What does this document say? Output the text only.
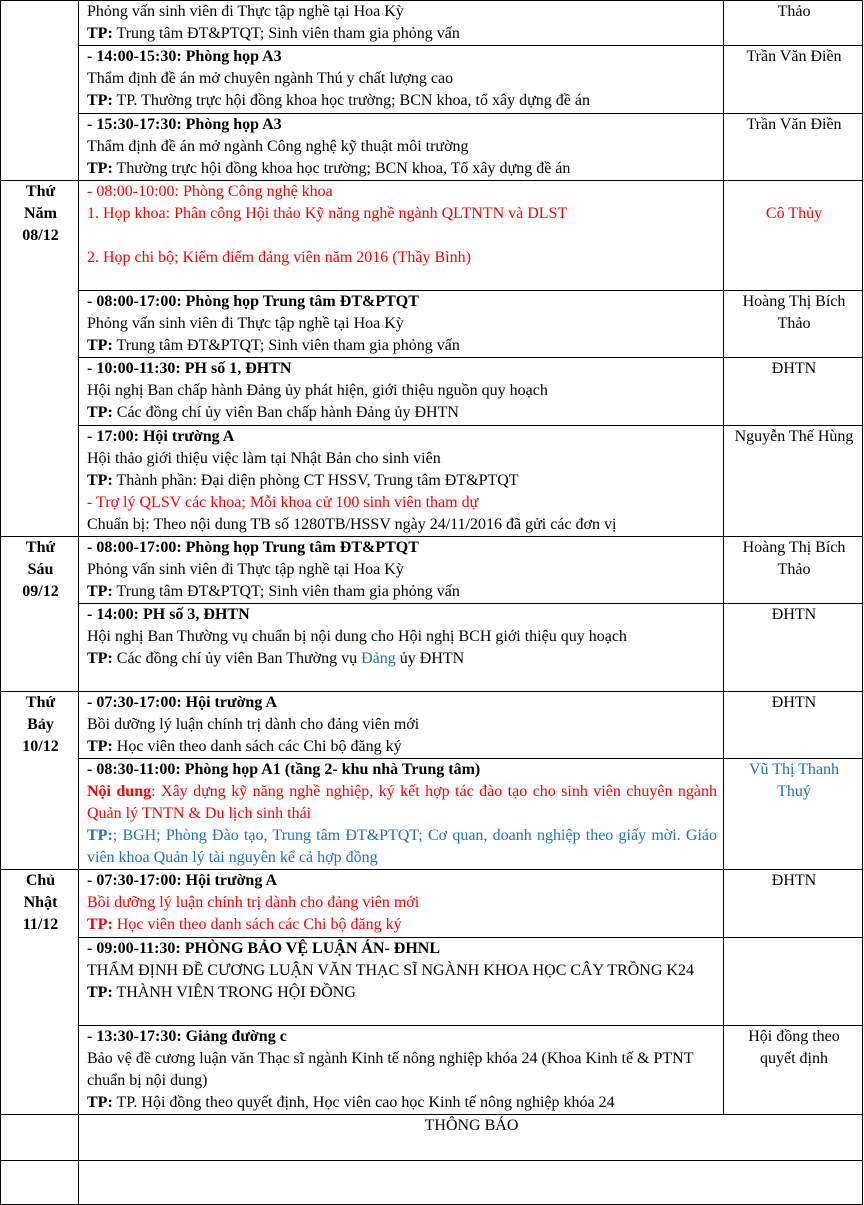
	Phỏng vấn sinh viên đi Thực tập nghề tại Hoa Kỳ
TP: Trung tâm ĐT&PTQT; Sinh viên tham gia phỏng vấn	Thảo

	- 14:00-15:30: Phòng họp A3
Thẩm định đề án mở chuyên ngành Thú y chất lượng cao
TP: TP. Thường trực hội đồng khoa học trường; BCN khoa, tổ xây dựng đề án	Trần Văn Điền

	- 15:30-17:30: Phòng họp A3
Thẩm định đề án mở ngành Công nghệ kỹ thuật môi trường
TP: Thường trực hội đồng khoa học trường; BCN khoa, Tổ xây dựng đề án	Trần Văn Điền

Thứ
Năm
08/12	- 08:00-10:00: Phòng Công nghệ khoa
1. Họp khoa: Phân công Hội thảo Kỹ năng nghề ngành QLTNTN và DLST
2. Họp chi bộ; Kiểm điểm đảng viên năm 2016 (Thầy Bình)	Cô Thủy

	- 08:00-17:00: Phòng họp Trung tâm ĐT&PTQT
Phỏng vấn sinh viên đi Thực tập nghề tại Hoa Kỳ
TP: Trung tâm ĐT&PTQT; Sinh viên tham gia phỏng vấn	Hoàng Thị Bích Thảo

	- 10:00-11:30: PH số 1, ĐHTN
Hội nghị Ban chấp hành Đảng ủy phát hiện, giới thiệu nguồn quy hoạch
TP: Các đồng chí ủy viên Ban chấp hành Đảng ủy ĐHTN	ĐHTN

	- 17:00: Hội trường A
Hội thảo giới thiệu việc làm tại Nhật Bản cho sinh viên
TP: Thành phần: Đại diện phòng CT HSSV, Trung tâm ĐT&PTQT
- Trợ lý QLSV các khoa; Mỗi khoa cử 100 sinh viên tham dự
Chuẩn bị: Theo nội dung TB số 1280TB/HSSV ngày 24/11/2016 đã gửi các đơn vị	Nguyễn Thế Hùng

Thứ
Sáu
09/12	- 08:00-17:00: Phòng họp Trung tâm ĐT&PTQT
Phỏng vấn sinh viên đi Thực tập nghề tại Hoa Kỳ
TP: Trung tâm ĐT&PTQT; Sinh viên tham gia phỏng vấn	Hoàng Thị Bích Thảo

	- 14:00: PH số 3, ĐHTN
Hội nghị Ban Thường vụ chuẩn bị nội dung cho Hội nghị BCH giới thiệu quy hoạch
TP: Các đồng chí ủy viên Ban Thường vụ Đảng ủy ĐHTN	ĐHTN

Thứ
Bảy
10/12	- 07:30-17:00: Hội trường A
Bồi dưỡng lý luận chính trị dành cho đảng viên mới
TP: Học viên theo danh sách các Chi bộ đăng ký	ĐHTN

	- 08:30-11:00: Phòng họp A1 (tầng 2- khu nhà Trung tâm)
Nội dung: Xây dựng kỹ năng nghề nghiệp, ký kết hợp tác đào tạo cho sinh viên chuyên ngành Quản lý TNTN & Du lịch sinh thái
TP:; BGH; Phòng Đào tạo, Trung tâm ĐT&PTQT; Cơ quan, doanh nghiệp theo giấy mời. Giáo viên khoa Quản lý tài nguyên kể cả hợp đồng	Vũ Thị Thanh Thuý

Chủ
Nhật
11/12	- 07:30-17:00: Hội trường A
Bồi dưỡng lý luận chính trị dành cho đảng viên mới
TP: Học viên theo danh sách các Chi bộ đăng ký	ĐHTN

	- 09:00-11:30: PHÒNG BẢO VỆ LUẬN ÁN- ĐHNL
THẨM ĐỊNH ĐỀ CƯƠNG LUẬN VĂN THẠC SĨ NGÀNH KHOA HỌC CÂY TRỒNG K24
TP: THÀNH VIÊN TRONG HỘI ĐỒNG	

	- 13:30-17:30: Giảng đường c
Bảo vệ đề cương luận văn Thạc sĩ ngành Kinh tế nông nghiệp khóa 24 (Khoa Kinh tế & PTNT chuẩn bị nội dung)
TP: TP. Hội đồng theo quyết định, Học viên cao học Kinh tế nông nghiệp khóa 24	Hội đồng theo quyết định
	THÔNG BÁO	
